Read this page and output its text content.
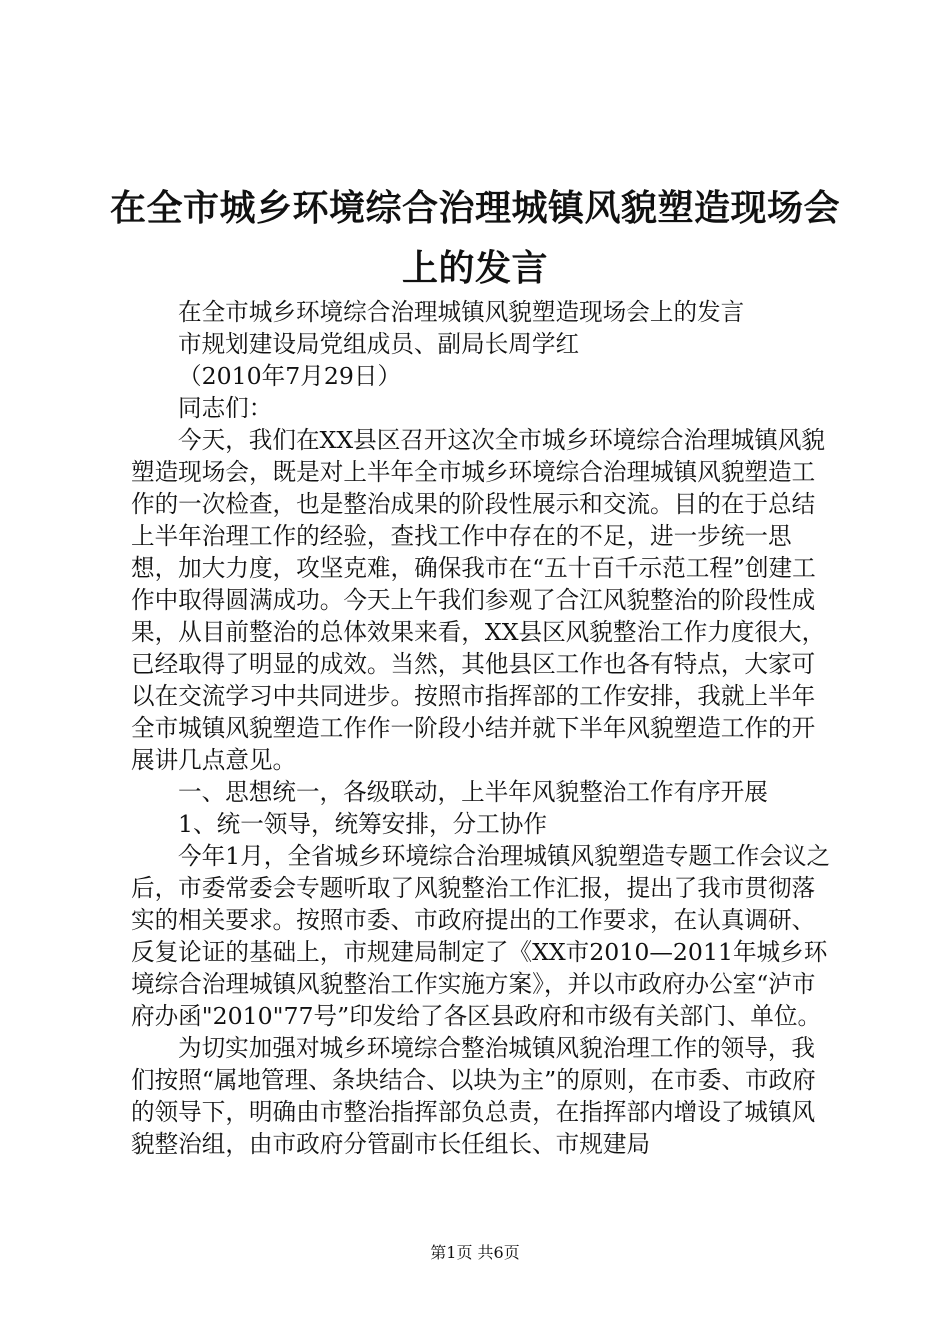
在全市城乡环境综合治理城镇风貌塑造现场会上的发言

在全市城乡环境综合治理城镇风貌塑造现场会上的发言

市规划建设局党组成员、副局长周学红

（2010年7月29日）

同志们：

今天，我们在XX县区召开这次全市城乡环境综合治理城镇风貌塑造现场会，既是对上半年全市城乡环境综合治理城镇风貌塑造工作的一次检查，也是整治成果的阶段性展示和交流。目的在于总结上半年治理工作的经验，查找工作中存在的不足，进一步统一思想，加大力度，攻坚克难，确保我市在“五十百千示范工程”创建工作中取得圆满成功。今天上午我们参观了合江风貌整治的阶段性成果，从目前整治的总体效果来看，XX县区风貌整治工作力度很大，已经取得了明显的成效。当然，其他县区工作也各有特点，大家可以在交流学习中共同进步。按照市指挥部的工作安排，我就上半年全市城镇风貌塑造工作作一阶段小结并就下半年风貌塑造工作的开展讲几点意见。

一、思想统一，各级联动，上半年风貌整治工作有序开展

1、统一领导，统筹安排，分工协作

今年1月，全省城乡环境综合治理城镇风貌塑造专题工作会议之后，市委常委会专题听取了风貌整治工作汇报，提出了我市贯彻落实的相关要求。按照市委、市政府提出的工作要求，在认真调研、反复论证的基础上，市规建局制定了《XX市2010—2011年城乡环境综合治理城镇风貌整治工作实施方案》，并以市政府办公室“泸市府办函"2010"77号”印发给了各区县政府和市级有关部门、单位。

为切实加强对城乡环境综合整治城镇风貌治理工作的领导，我们按照“属地管理、条块结合、以块为主”的原则，在市委、市政府的领导下，明确由市整治指挥部负总责，在指挥部内增设了城镇风貌整治组，由市政府分管副市长任组长、市规建局

第1页 共6页
